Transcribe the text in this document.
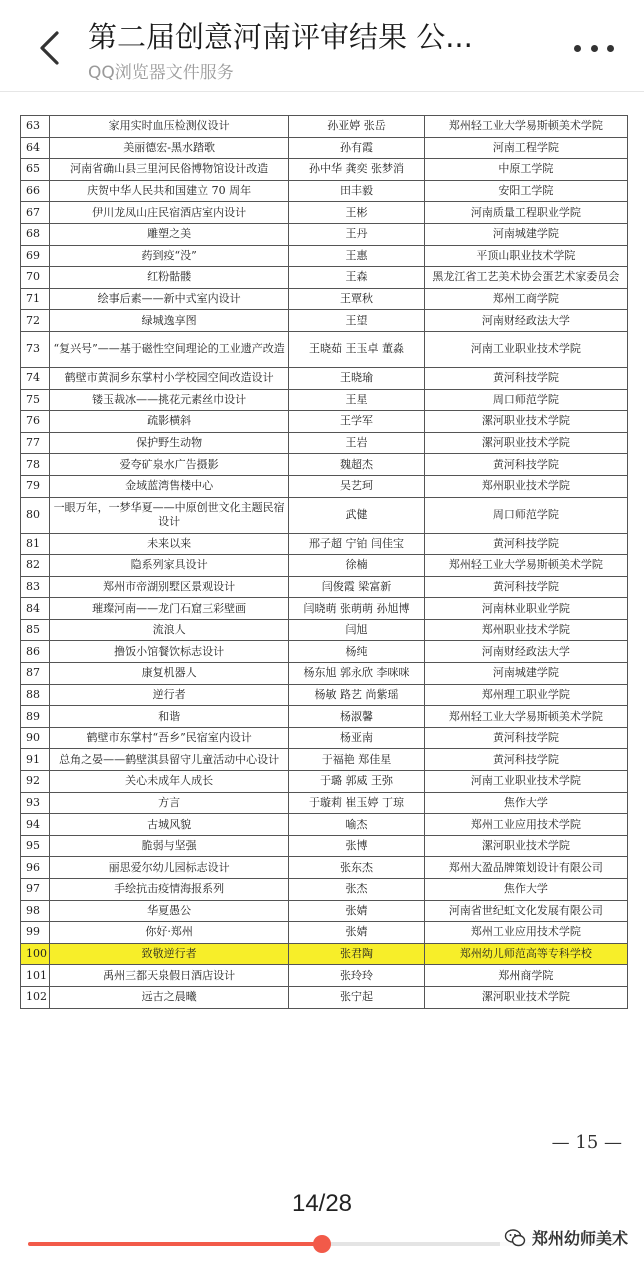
第二届创意河南评审结果 公...
QQ浏览器文件服务
63	家用实时血压检测仪设计	孙亚婷 张岳	郑州轻工业大学易斯顿美术学院
64	美丽德宏-黑水踏歌	孙有霞	河南工程学院
65	河南省确山县三里河民俗博物馆设计改造	孙中华 龚奕 张梦消	中原工学院
66	庆贺中华人民共和国建立 70 周年	田丰毅	安阳工学院
67	伊川龙凤山庄民宿酒店室内设计	王彬	河南质量工程职业学院
68	雕塑之美	王丹	河南城建学院
69	药到疫“没”	王惠	平顶山职业技术学院
70	红粉骷髅	王森	黑龙江省工艺美术协会蛋艺术家委员会
71	绘事后素——新中式室内设计	王覃秋	郑州工商学院
72	绿城逸享图	王望	河南财经政法大学
73	“复兴号”——基于磁性空间理论的工业遗产改造	王晓茹 王玉卓 董淼	河南工业职业技术学院
74	鹤壁市黄洞乡东掌村小学校园空间改造设计	王晓瑜	黄河科技学院
75	镂玉裁冰——挑花元素丝巾设计	王星	周口师范学院
76	疏影横斜	王学军	漯河职业技术学院
77	保护野生动物	王岩	漯河职业技术学院
78	爱夸矿泉水广告摄影	魏超杰	黄河科技学院
79	金域蓝湾售楼中心	吴艺珂	郑州职业技术学院
80	一眼万年，一梦华夏——中原创世文化主题民宿设计	武健	周口师范学院
81	未来以来	邢子超 宁铂 闫佳宝	黄河科技学院
82	隐系列家具设计	徐楠	郑州轻工业大学易斯顿美术学院
83	郑州市帝湖别墅区景观设计	闫俊霞 梁富新	黄河科技学院
84	璀璨河南——龙门石窟三彩壁画	闫晓萌 张萌萌 孙旭博	河南林业职业学院
85	流浪人	闫旭	郑州职业技术学院
86	撸饭小馆餐饮标志设计	杨纯	河南财经政法大学
87	康复机器人	杨东旭 郭永欣 李咪咪	河南城建学院
88	逆行者	杨敏 路艺 尚紫瑶	郑州理工职业学院
89	和谐	杨淑馨	郑州轻工业大学易斯顿美术学院
90	鹤壁市东掌村“吾乡”民宿室内设计	杨亚南	黄河科技学院
91	总角之晏——鹤壁淇县留守儿童活动中心设计	于福艳 郑佳星	黄河科技学院
92	关心未成年人成长	于璐 郭威 王弥	河南工业职业技术学院
93	方言	于璇莉 崔玉婷 丁琼	焦作大学
94	古城风貌	喻杰	郑州工业应用技术学院
95	脆弱与坚强	张博	漯河职业技术学院
96	丽思爱尔幼儿园标志设计	张东杰	郑州大盈品牌策划设计有限公司
97	手绘抗击疫情海报系列	张杰	焦作大学
98	华夏愚公	张婧	河南省世纪虹文化发展有限公司
99	你好·郑州	张婧	郑州工业应用技术学院
100	致敬逆行者	张君陶	郑州幼儿师范高等专科学校
101	禹州三都天泉假日酒店设计	张玲玲	郑州商学院
102	远古之晨曦	张宁起	漯河职业技术学院
— 15 —
14/28
郑州幼师美术
